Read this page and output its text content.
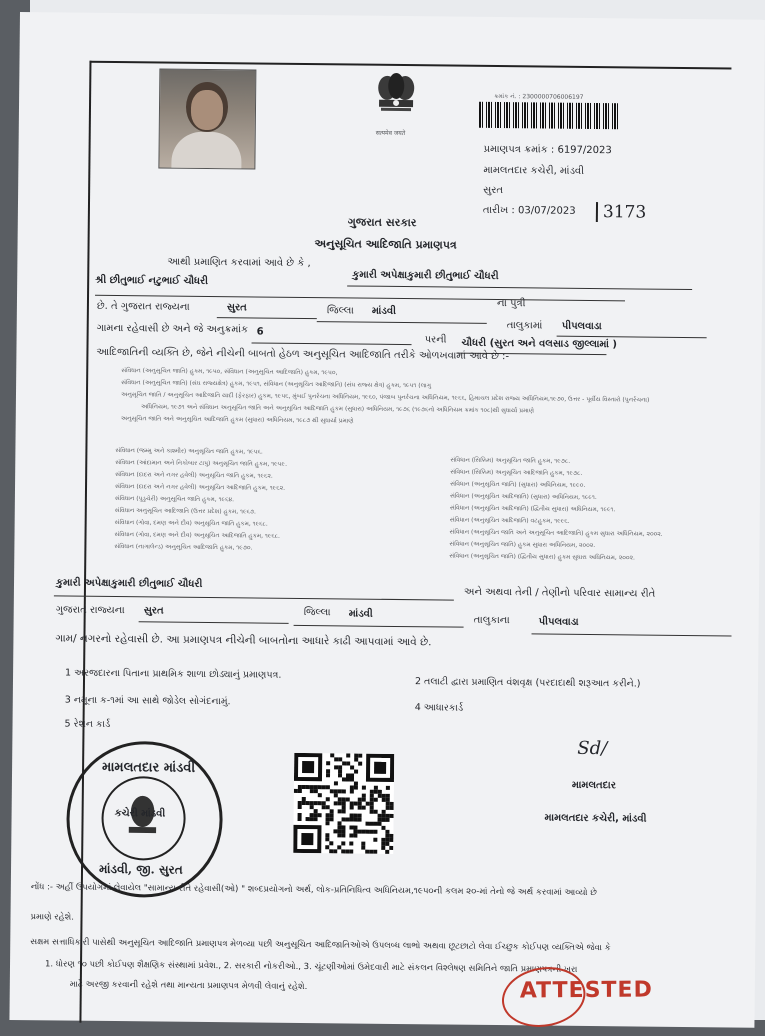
सत्यमेव जयते
ક્રમાંક નં. : 2300000706006197
પ્રમાણપત્ર ક્રમાંક : 6197/2023
મામલતદાર કચેરી, માંડવી
સુરત
તારીખ : 03/07/2023	3173
ગુજરાત સરકાર
અનુસૂચિત આદિજાતિ પ્રમાણપત્ર
આથી પ્રમાણિત કરવામાં આવે છે કે ,
કુમારી અપેક્ષાકુમારી છીતુભાઈ ચૌધરી
શ્રી છીતુભાઈ નટુભાઈ ચૌધરી
છે. તે ગુજરાત રાજ્યના	સુરત	જિલ્લા માંડવી
ના પુત્રી
તાલુકામાં પીપલવાડા
ગામના રહેવાસી છે અને જે અનુક્રમાંક 6
પરની ચૌધરી (સુરત અને વલસાડ જીલ્લામાં )
આદિજાતિની વ્યક્તિ છે, જેને નીચેની બાબતો હેઠળ અનુસૂચિત આદિજાતિ તરીકે ઓળખવામાં આવે છે :-
સંવિધાન (અનુસૂચિત જાતિ) હુકમ, ૧૯૫૦, સંવિધાન (અનુસૂચિત આદિજાતિ) હુકમ, ૧૯૫૦,
સંવિધાન (અનુસૂચિત જાતિ) (સંઘ રાજ્યક્ષેત્ર) હુકમ, ૧૯૫૧, સંવિધાન (અનુસૂચિત આદિજાતિ) (સંઘ રાજ્ય ક્ષેત્ર) હુકમ, ૧૯૫૧ (લાગુ
અનુસૂચિત જાતિ / અનુસૂચિત આદિજાતિ યાદી (ફેરફાર) હુકમ, ૧૯૫૬, મુંબઈ પુનર્રચના અધિનિયમ, ૧૯૬૦, પંજાબ પુનર્રચના અધિનિયમ, ૧૯૬૬, હિમાચલ પ્રદેશ રાજ્ય અધિનિયમ,૧૯૭૦, ઉત્તર - પૂર્વીય વિસ્તારો (પુનર્રચના)
અધિનિયમ, ૧૯૭૧ અને સંવિધાન અનુસૂચિત જાતિ અને અનુસૂચિત આદિજાતિ હુકમ (સુધારા) અધિનિયમ, ૧૯૭૬ (૧૯૭૬નો અધિનિયમ ક્રમાંક ૧૦૮)થી સુધાર્યા પ્રમાણે
અનુસૂચિત જાતિ અને અનુસૂચિત આદિજાતિ હુકમ (સુધારા) અધિનિયમ, ૧૯૮૭ થી સુધાર્યા પ્રમાણે
સંવિધાન (જમ્મુ અને કાશ્મીર) અનુસૂચિત જાતિ હુકમ, ૧૯૫૬.
સંવિધાન (આંદામાન અને નિકોબાર ટાપુ) અનુસૂચિત જાતિ હુકમ, ૧૯૫૯.
સંવિધાન (દાદરા અને નગર હવેલી) અનુસૂચિત જાતિ હુકમ, ૧૯૬૨.
સંવિધાન (દાદરા અને નગર હવેલી) અનુસૂચિત આદિજાતિ હુકમ, ૧૯૬૨.
સંવિધાન (પુડુચેરી) અનુસૂચિત જાતિ હુકમ, ૧૯૬૪.
સંવિધાન અનુસૂચિત આદિજાતિ (ઉત્તર પ્રદેશ) હુકમ, ૧૯૬૭.
સંવિધાન (ગોવા, દમણ અને દીવ) અનુસૂચિત જાતિ હુકમ, ૧૯૬૮.
સંવિધાન (ગોવા, દમણ અને દીવ) અનુસૂચિત આદિજાતિ હુકમ, ૧૯૬૮.
સંવિધાન (નાગાલેન્ડ) અનુસૂચિત આદિજાતિ હુકમ, ૧૯૭૦.
સંવિધાન (સિક્કિમ) અનુસૂચિત જાતિ હુકમ, ૧૯૭૮.
સંવિધાન (સિક્કિમ) અનુસૂચિત આદિજાતિ હુકમ, ૧૯૭૮.
સંવિધાન (અનુસૂચિત જાતિ) (સુધારા) અધિનિયમ, ૧૯૯૦.
સંવિધાન (અનુસૂચિત આદિજાતિ) (સુધારા) અધિનિયમ, ૧૯૯૧.
સંવિધાન (અનુસૂચિત આદિજાતિ) (દ્વિતીય સુધારા) અધિનિયમ, ૧૯૯૧.
સંવિધાન (અનુસૂચિત આદિજાતિ) વટહુકમ, ૧૯૯૬.
સંવિધાન (અનુસૂચિત જાતિ અને અનુસૂચિત આદિજાતિ) હુકમ સુધારા અધિનિયમ, ૨૦૦૨.
સંવિધાન (અનુસૂચિત જાતિ) હુકમ સુધારા અધિનિયમ, ૨૦૦૨.
સંવિધાન (અનુસૂચિત જાતિ) (દ્વિતીય સુધારા) હુકમ સુધારા અધિનિયમ, ૨૦૦૨.
કુમારી અપેક્ષાકુમારી છીતુભાઈ ચૌધરી
અને અથવા તેની / તેણીનો પરિવાર સામાન્ય રીતે
ગુજરાત રાજ્યના સુરત	જિલ્લા માંડવી
તાલુકાના	પીપલવાડા
ગામ/ નગરનો રહેવાસી છે. આ પ્રમાણપત્ર નીચેની બાબતોના આધારે કાઢી આપવામાં આવે છે.
1 અરજદારના પિતાના પ્રાથમિક શાળા છોડ્યાનું પ્રમાણપત્ર.
2 તલાટી દ્વારા પ્રમાણિત વંશવૃક્ષ (પરદાદાથી શરૂઆત કરીને.)
3 નમૂના ક-૧માં આ સાથે જોડેલ સોગંદનામું.
4 આધારકાર્ડ
5 રેશન કાર્ડ
મામલતદાર માંડવી
કચેરી માંડવી
માંડવી, જી. સુરત
Sd/
મામલતદાર
મામલતદાર કચેરી, માંડવી
નોંધ :- અહીં ઉપયોગમાં લેવાયેલ "સામાન્ય રીતે રહેવાસી(ઓ) " શબ્દપ્રયોગનો અર્થ, લોક-પ્રતિનિધિત્વ અધિનિયમ,૧૯૫૦ની કલમ ૨૦-માં તેનો જે અર્થ કરવામાં આવ્યો છે
પ્રમાણે રહેશે.
સક્ષમ સત્તાધિકારી પાસેથી અનુસૂચિત આદિજાતિ પ્રમાણપત્ર મેળવ્યા પછી અનુસૂચિત આદિજાતિઓએ ઉપલબ્ધ લાભો અથવા છૂટછાટો લેવા ઈચ્છુક કોઈપણ વ્યક્તિએ જેવા કે
1. ધોરણ ૧૦ પછી કોઈપણ શૈક્ષણિક સંસ્થામાં પ્રવેશ., 2. સરકારી નોકરીઓ., 3. ચૂંટણીઓમાં ઉમેદવારી માટે સંકલન વિશ્લેષણ સમિતિને જાતિ પ્રમાણપત્રની ખરા
માટે અરજી કરવાની રહેશે તથા માન્યતા પ્રમાણપત્ર મેળવી લેવાનું રહેશે.	ATTESTED
